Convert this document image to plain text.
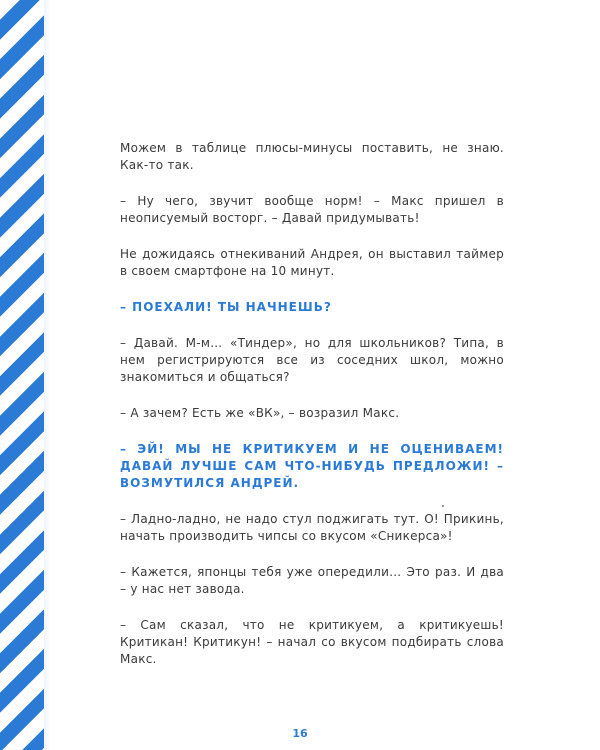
Можем в таблице плюсы-минусы поставить, не знаю. Как-то так.

– Ну чего, звучит вообще норм! – Макс пришел в неописуемый восторг. – Давай придумывать!

Не дожидаясь отнекиваний Андрея, он выставил таймер в своем смартфоне на 10 минут.

– ПОЕХАЛИ! ТЫ НАЧНЕШЬ?

– Давай. М-м… «Тиндер», но для школьников? Типа, в нем регистрируются все из соседних школ, можно знакомиться и общаться?

– А зачем? Есть же «ВК», – возразил Макс.

– ЭЙ! МЫ НЕ КРИТИКУЕМ И НЕ ОЦЕНИВАЕМ! ДАВАЙ ЛУЧШЕ САМ ЧТО-НИБУДЬ ПРЕДЛОЖИ! – ВОЗМУТИЛСЯ АНДРЕЙ.

– Ладно-ладно, не надо стул поджигать тут. О! Прикинь, начать производить чипсы со вкусом «Сникерса»!

– Кажется, японцы тебя уже опередили… Это раз. И два – у нас нет завода.

– Сам сказал, что не критикуем, а критикуешь! Критикан! Критикун! – начал со вкусом подбирать слова Макс.

16
